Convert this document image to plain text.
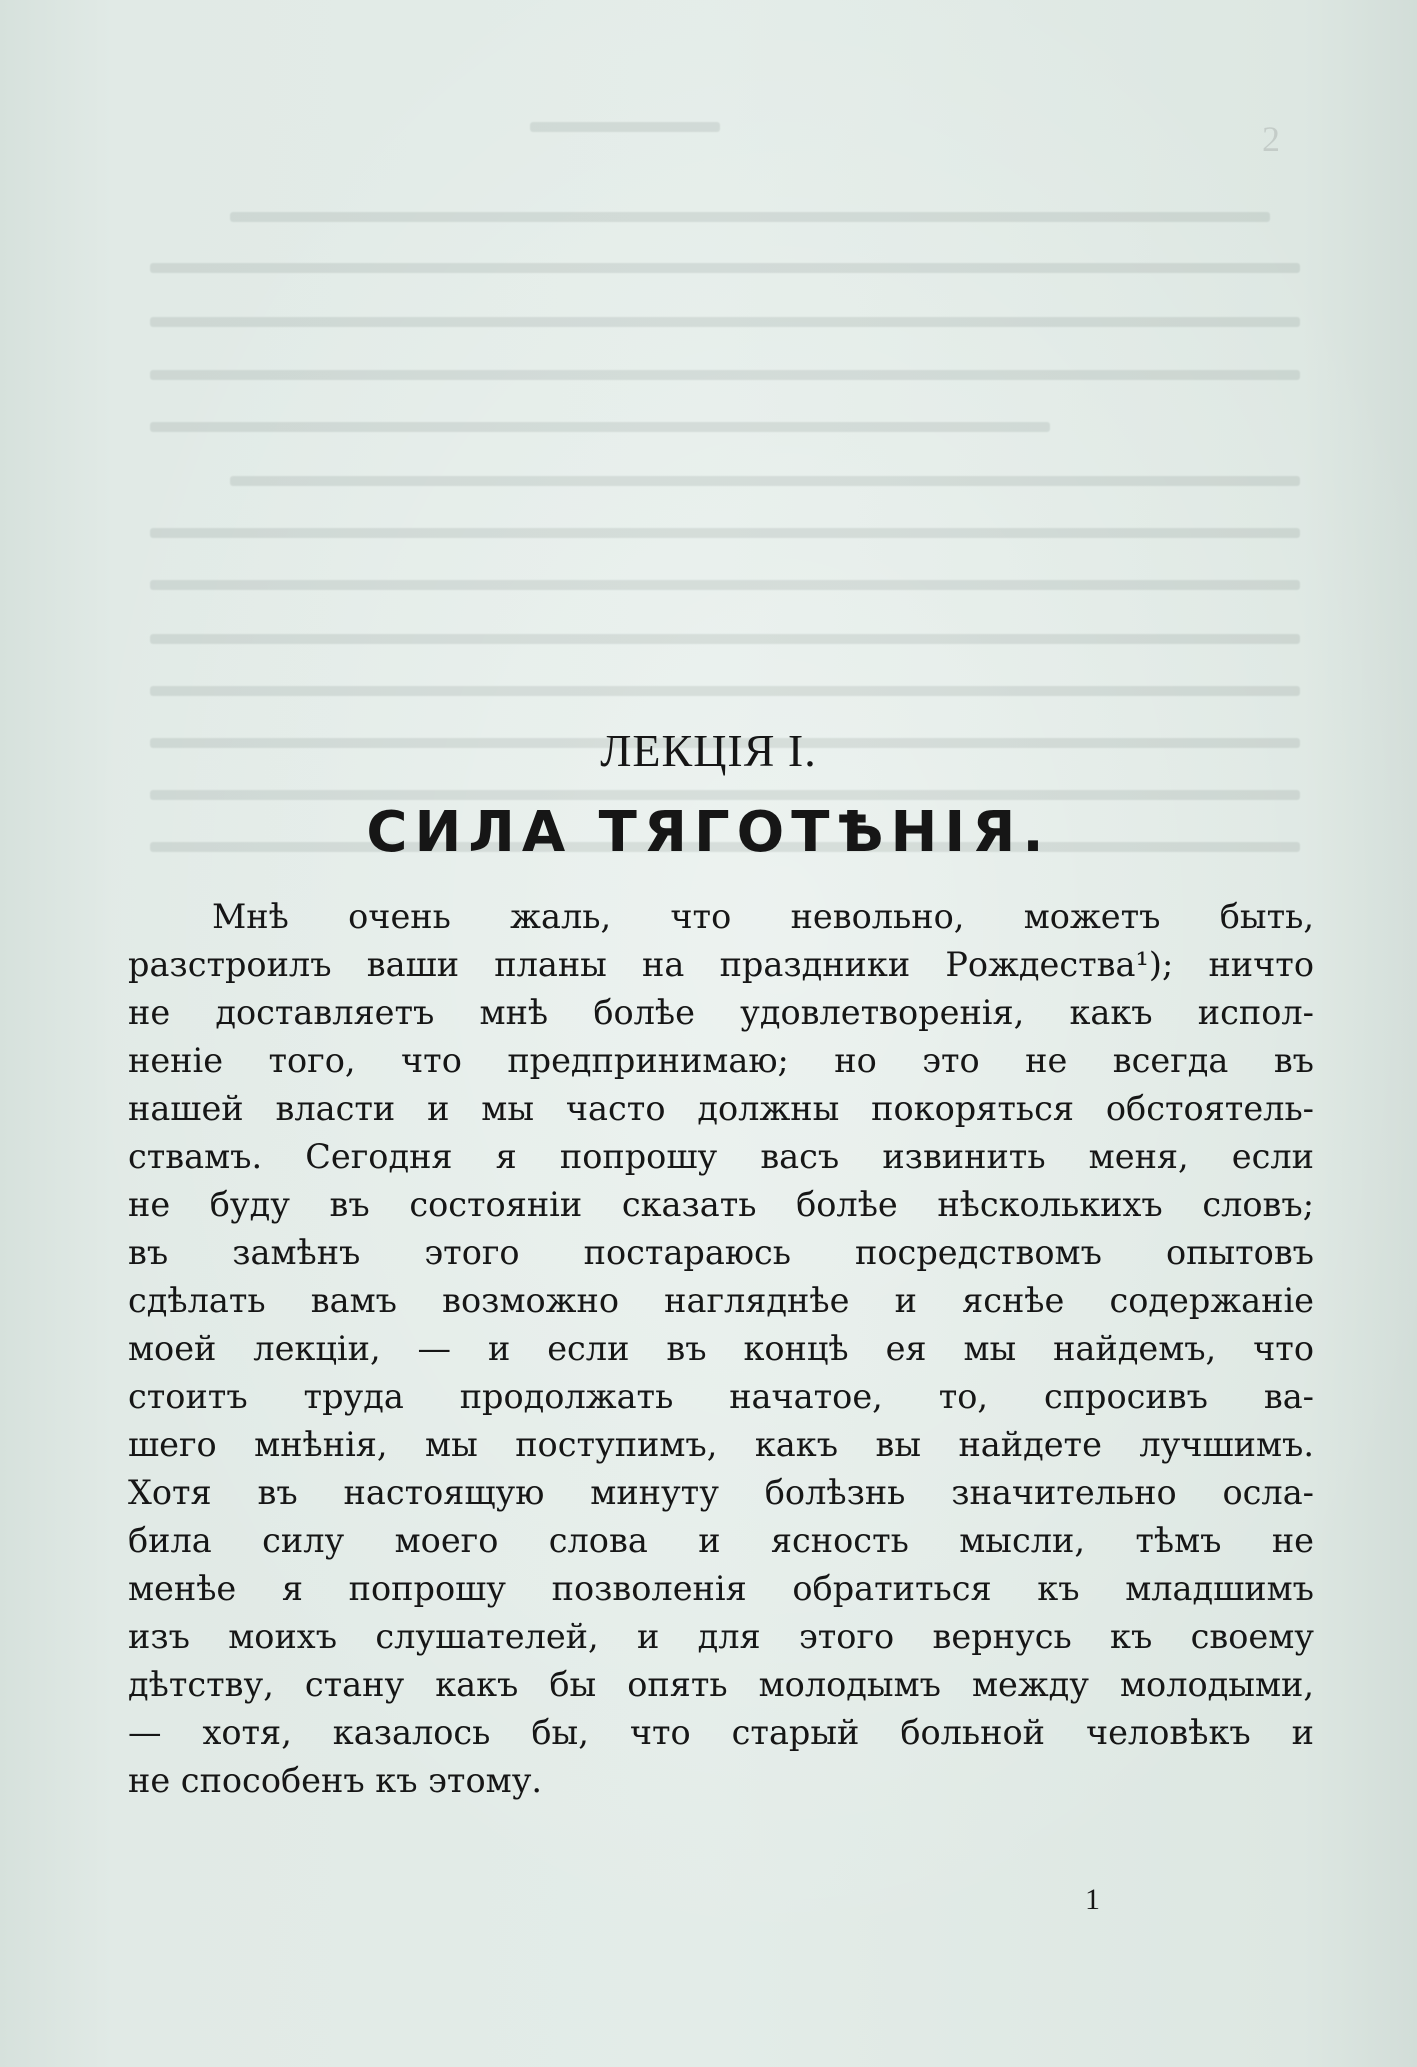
2
ЛЕКЦІЯ I.
СИЛА ТЯГОТѢНІЯ.
Мнѣ очень жаль, что невольно, можетъ быть,
разстроилъ ваши планы на праздники Рождества¹); ничто
не доставляетъ мнѣ болѣе удовлетворенія, какъ испол-
неніе того, что предпринимаю; но это не всегда въ
нашей власти и мы часто должны покоряться обстоятель-
ствамъ. Сегодня я попрошу васъ извинить меня, если
не буду въ состояніи сказать болѣе нѣсколькихъ словъ;
въ замѣнъ этого постараюсь посредствомъ опытовъ
сдѣлать вамъ возможно нагляднѣе и яснѣе содержаніе
моей лекціи, — и если въ концѣ ея мы найдемъ, что
стоитъ труда продолжать начатое, то, спросивъ ва-
шего мнѣнія, мы поступимъ, какъ вы найдете лучшимъ.
Хотя въ настоящую минуту болѣзнь значительно осла-
била силу моего слова и ясность мысли, тѣмъ не
менѣе я попрошу позволенія обратиться къ младшимъ
изъ моихъ слушателей, и для этого вернусь къ своему
дѣтству, стану какъ бы опять молодымъ между молодыми,
— хотя, казалось бы, что старый больной человѣкъ и
не способенъ къ этому.
1
